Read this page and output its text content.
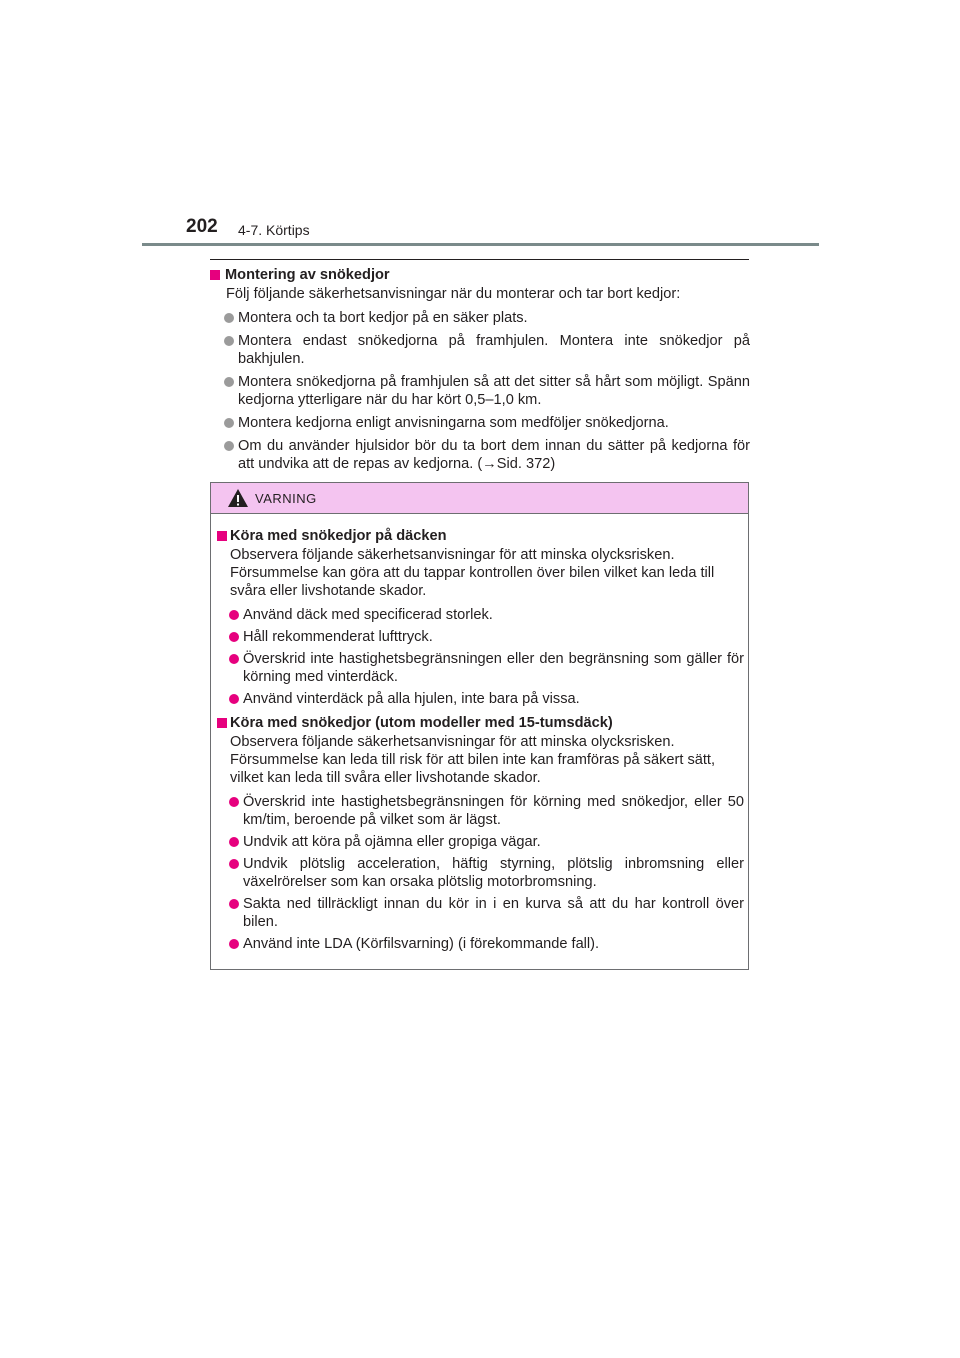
202 4-7. Körtips
Montering av snökedjor
Följ följande säkerhetsanvisningar när du monterar och tar bort kedjor:
Montera och ta bort kedjor på en säker plats.
Montera endast snökedjorna på framhjulen. Montera inte snökedjor på bakhjulen.
Montera snökedjorna på framhjulen så att det sitter så hårt som möjligt. Spänn kedjorna ytterligare när du har kört 0,5–1,0 km.
Montera kedjorna enligt anvisningarna som medföljer snökedjorna.
Om du använder hjulsidor bör du ta bort dem innan du sätter på kedjorna för att undvika att de repas av kedjorna. (→Sid. 372)
VARNING
Köra med snökedjor på däcken
Observera följande säkerhetsanvisningar för att minska olycksrisken. Försummelse kan göra att du tappar kontrollen över bilen vilket kan leda till svåra eller livshotande skador.
Använd däck med specificerad storlek.
Håll rekommenderat lufttryck.
Överskrid inte hastighetsbegränsningen eller den begränsning som gäller för körning med vinterdäck.
Använd vinterdäck på alla hjulen, inte bara på vissa.
Köra med snökedjor (utom modeller med 15-tumsdäck)
Observera följande säkerhetsanvisningar för att minska olycksrisken. Försummelse kan leda till risk för att bilen inte kan framföras på säkert sätt, vilket kan leda till svåra eller livshotande skador.
Överskrid inte hastighetsbegränsningen för körning med snökedjor, eller 50 km/tim, beroende på vilket som är lägst.
Undvik att köra på ojämna eller gropiga vägar.
Undvik plötslig acceleration, häftig styrning, plötslig inbromsning eller växelrörelser som kan orsaka plötslig motorbromsning.
Sakta ned tillräckligt innan du kör in i en kurva så att du har kontroll över bilen.
Använd inte LDA (Körfilsvarning) (i förekommande fall).
